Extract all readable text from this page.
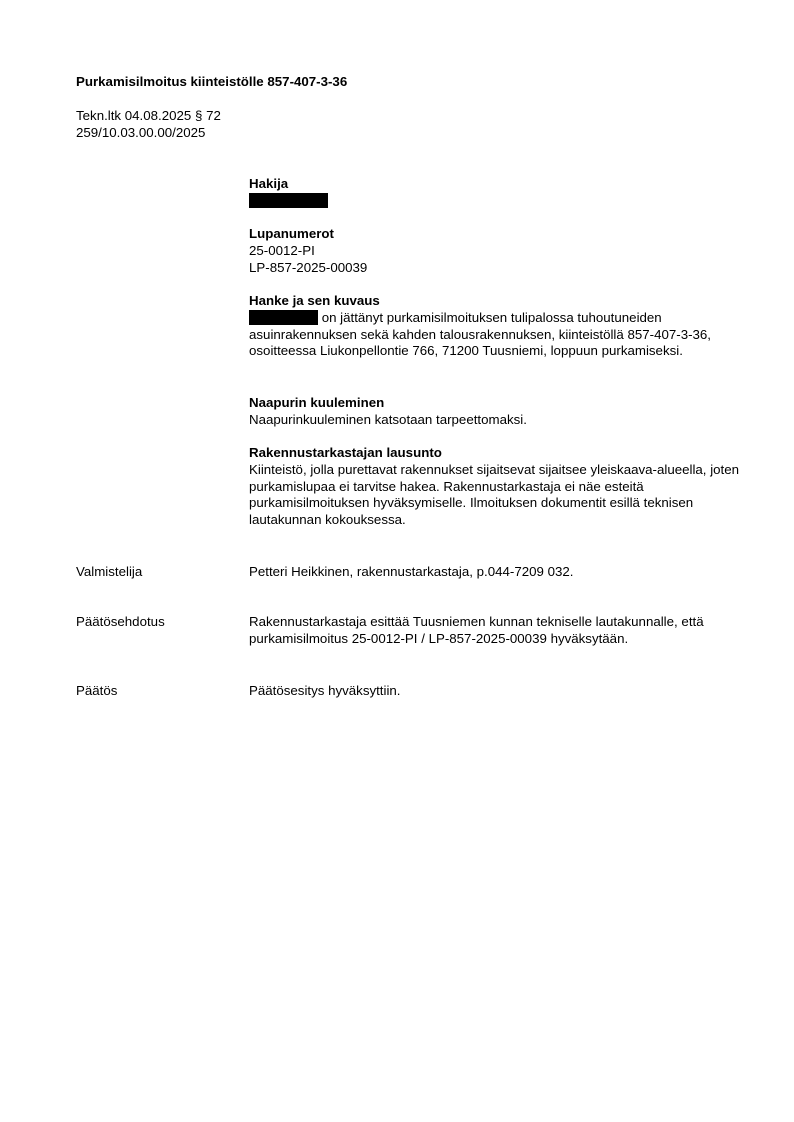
Purkamisilmoitus kiinteistölle 857-407-3-36
Tekn.ltk 04.08.2025 § 72
259/10.03.00.00/2025
Hakija
Lupanumerot
25-0012-PI
LP-857-2025-00039
Hanke ja sen kuvaus
on jättänyt purkamisilmoituksen tulipalossa tuhoutuneiden asuinrakennuksen sekä kahden talousrakennuksen, kiinteistöllä 857-407-3-36, osoitteessa Liukonpellontie 766, 71200 Tuusniemi, loppuun purkamiseksi.
Naapurin kuuleminen
Naapurinkuuleminen katsotaan tarpeettomaksi.
Rakennustarkastajan lausunto
Kiinteistö, jolla purettavat rakennukset sijaitsevat sijaitsee yleiskaava-alueella, joten purkamislupaa ei tarvitse hakea. Rakennustarkastaja ei näe esteitä purkamisilmoituksen hyväksymiselle. Ilmoituksen dokumentit esillä teknisen lautakunnan kokouksessa.
Valmistelija	Petteri Heikkinen, rakennustarkastaja, p.044-7209 032.
Päätösehdotus	Rakennustarkastaja esittää Tuusniemen kunnan tekniselle lautakunnalle, että purkamisilmoitus 25-0012-PI / LP-857-2025-00039 hyväksytään.
Päätös	Päätösesitys hyväksyttiin.
